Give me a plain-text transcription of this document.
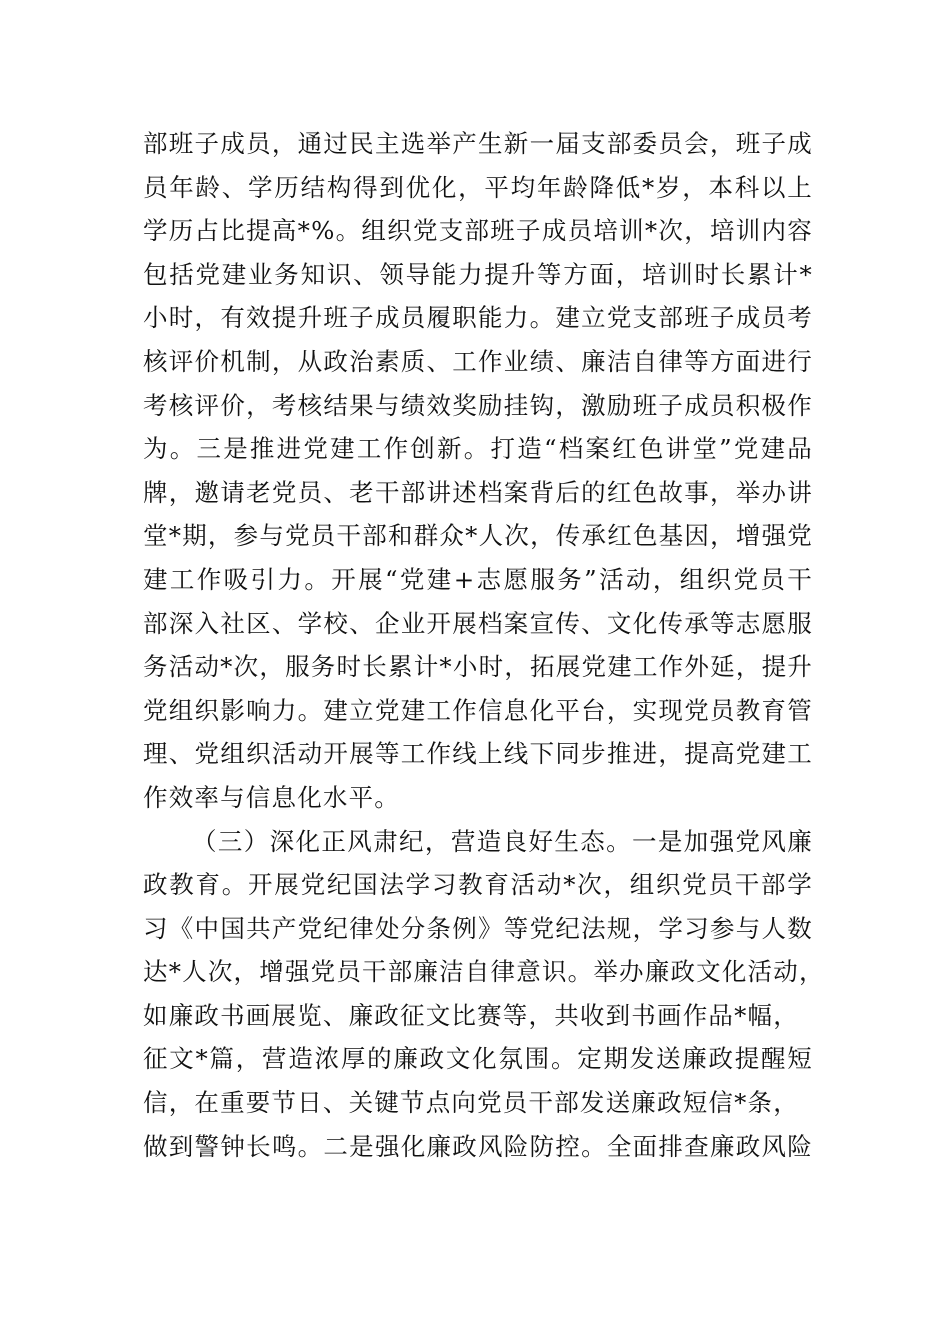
部班子成员，通过民主选举产生新一届支部委员会，班子成
员年龄、学历结构得到优化，平均年龄降低*岁，本科以上
学历占比提高*%。组织党支部班子成员培训*次，培训内容
包括党建业务知识、领导能力提升等方面，培训时长累计*
小时，有效提升班子成员履职能力。建立党支部班子成员考
核评价机制，从政治素质、工作业绩、廉洁自律等方面进行
考核评价，考核结果与绩效奖励挂钩，激励班子成员积极作
为。三是推进党建工作创新。打造“档案红色讲堂”党建品
牌，邀请老党员、老干部讲述档案背后的红色故事，举办讲
堂*期，参与党员干部和群众*人次，传承红色基因，增强党
建工作吸引力。开展“党建+志愿服务”活动，组织党员干
部深入社区、学校、企业开展档案宣传、文化传承等志愿服
务活动*次，服务时长累计*小时，拓展党建工作外延，提升
党组织影响力。建立党建工作信息化平台，实现党员教育管
理、党组织活动开展等工作线上线下同步推进，提高党建工
作效率与信息化水平。
（三）深化正风肃纪，营造良好生态。一是加强党风廉
政教育。开展党纪国法学习教育活动*次，组织党员干部学
习《中国共产党纪律处分条例》等党纪法规，学习参与人数
达*人次，增强党员干部廉洁自律意识。举办廉政文化活动，
如廉政书画展览、廉政征文比赛等，共收到书画作品*幅，
征文*篇，营造浓厚的廉政文化氛围。定期发送廉政提醒短
信，在重要节日、关键节点向党员干部发送廉政短信*条，
做到警钟长鸣。二是强化廉政风险防控。全面排查廉政风险
